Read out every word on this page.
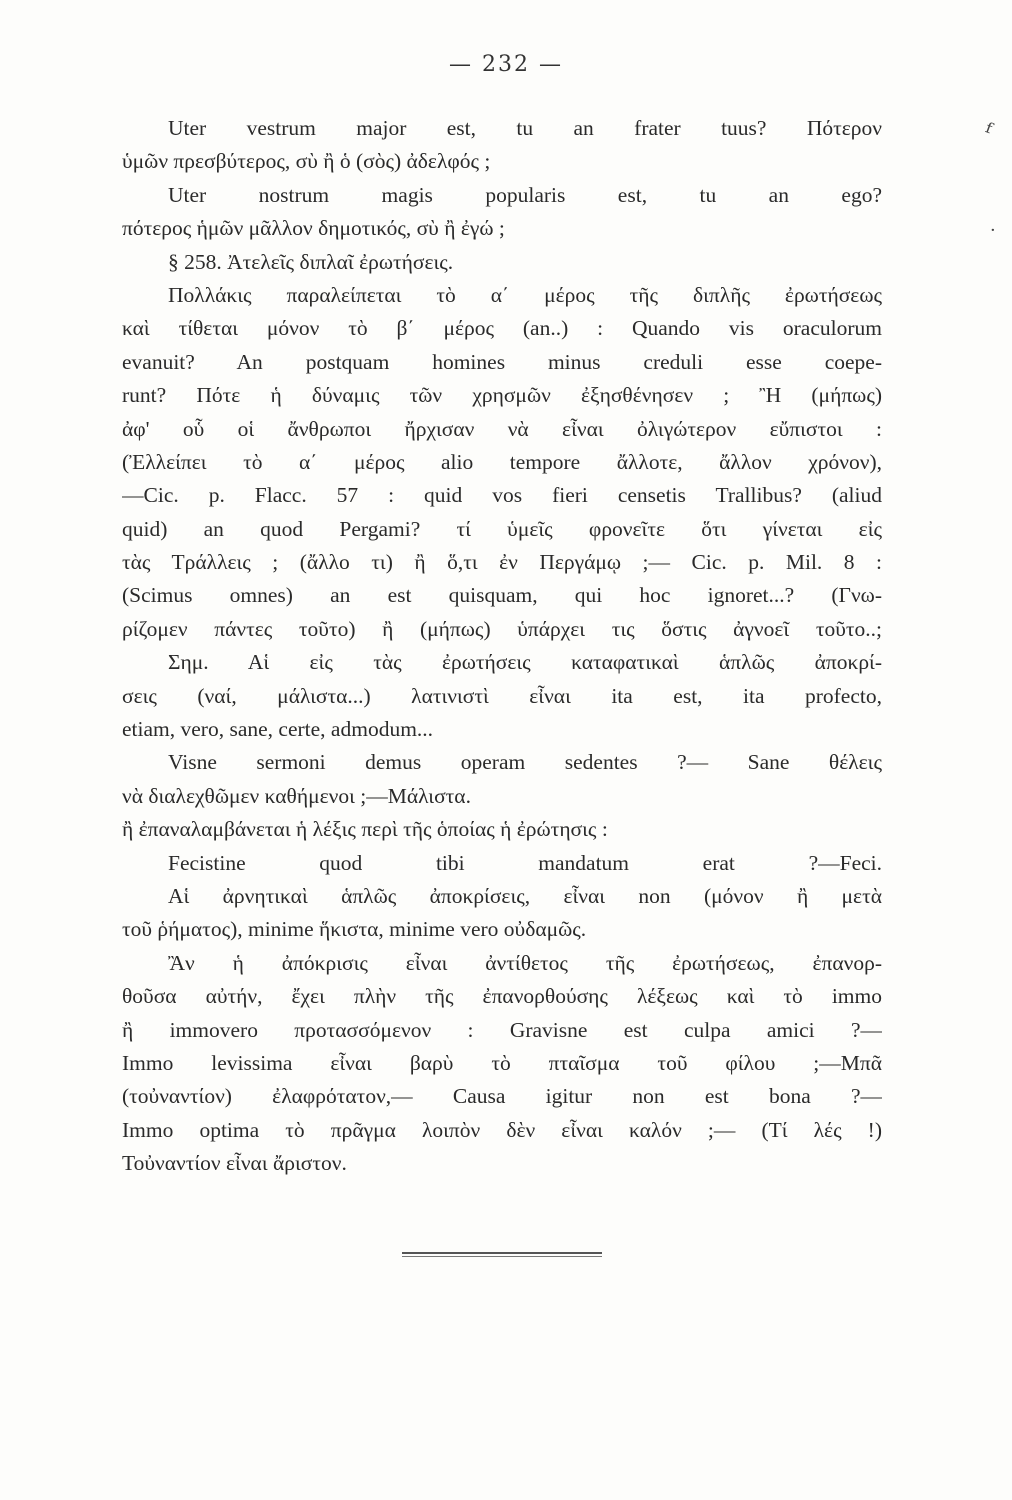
— 232 —
ᶠ
·
Uter vestrum major est, tu an frater tuus? Πότερον
ὑμῶν πρεσβύτερος, σὺ ἢ ὁ (σὸς) ἀδελφός ;
Uter nostrum magis popularis est, tu an ego?
πότερος ἡμῶν μᾶλλον δημοτικός, σὺ ἢ ἐγώ ;
§ 258. Ἀτελεῖς διπλαῖ ἐρωτήσεις.
Πολλάκις παραλείπεται τὸ α΄ μέρος τῆς διπλῆς ἐρωτήσεως
καὶ τίθεται μόνον τὸ β΄ μέρος (an..) : Quando vis oraculorum
evanuit? An postquam homines minus creduli esse coepe-
runt? Πότε ἡ δύναμις τῶν χρησμῶν ἐξησθένησεν ; Ἢ (μήπως)
ἀφ' οὗ οἱ ἄνθρωποι ἤρχισαν νὰ εἶναι ὀλιγώτερον εὔπιστοι :
(Ἐλλείπει τὸ α΄ μέρος alio tempore ἄλλοτε, ἄλλον χρόνον),
—Cic. p. Flacc. 57 : quid vos fieri censetis Trallibus? (aliud
quid) an quod Pergami? τί ὑμεῖς φρονεῖτε ὅτι γίνεται εἰς
τὰς Τράλλεις ; (ἄλλο τι) ἢ ὅ,τι ἐν Περγάμῳ ;— Cic. p. Mil. 8 :
(Scimus omnes) an est quisquam, qui hoc ignoret...? (Γνω-
ρίζομεν πάντες τοῦτο) ἢ (μήπως) ὑπάρχει τις ὅστις ἀγνοεῖ τοῦτο..;
Σημ. Αἱ εἰς τὰς ἐρωτήσεις καταφατικαὶ ἁπλῶς ἀποκρί-
σεις (ναί, μάλιστα...) λατινιστὶ εἶναι ita est, ita profecto,
etiam, vero, sane, certe, admodum...
Visne sermoni demus operam sedentes ?— Sane θέλεις
νὰ διαλεχθῶμεν καθήμενοι ;—Μάλιστα.
ἢ ἐπαναλαμβάνεται ἡ λέξις περὶ τῆς ὁποίας ἡ ἐρώτησις :
Fecistine quod tibi mandatum erat ?—Feci.
Αἱ ἀρνητικαὶ ἁπλῶς ἀποκρίσεις, εἶναι non (μόνον ἢ μετὰ
τοῦ ῥήματος), minime ἥκιστα, minime vero οὐδαμῶς.
Ἂν ἡ ἀπόκρισις εἶναι ἀντίθετος τῆς ἐρωτήσεως, ἐπανορ-
θοῦσα αὐτήν, ἔχει πλὴν τῆς ἐπανορθούσης λέξεως καὶ τὸ immo
ἢ immovero προτασσόμενον : Gravisne est culpa amici ?—
Immo levissima εἶναι βαρὺ τὸ πταῖσμα τοῦ φίλου ;—Μπᾶ
(τοὐναντίον) ἐλαφρότατον,— Causa igitur non est bona ?—
Immo optima τὸ πρᾶγμα λοιπὸν δὲν εἶναι καλόν ;— (Τί λές !)
Τοὐναντίον εἶναι ἄριστον.
